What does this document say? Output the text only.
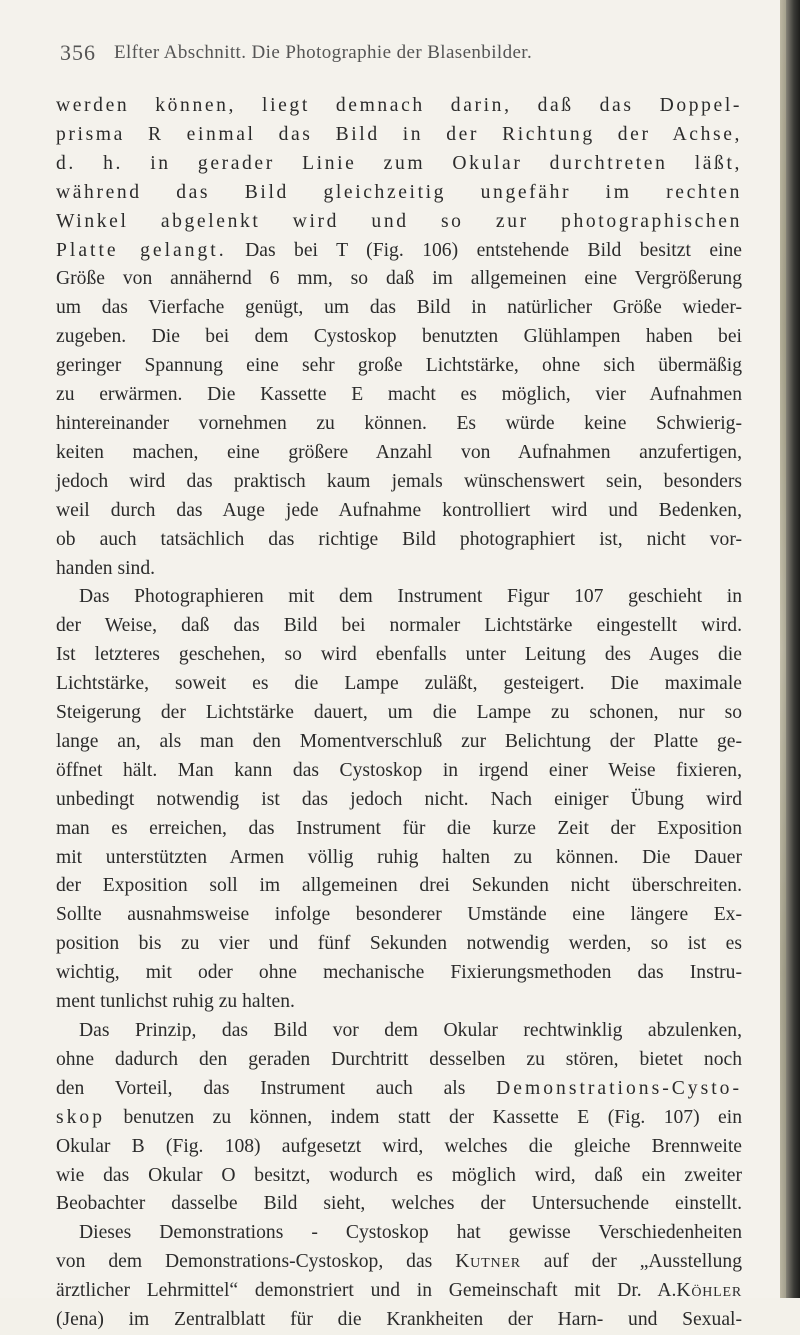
356 Elfter Abschnitt. Die Photographie der Blasenbilder.
werden können, liegt demnach darin, daß das Doppel-
prisma R einmal das Bild in der Richtung der Achse,
d. h. in gerader Linie zum Okular durchtreten läßt,
während das Bild gleichzeitig ungefähr im rechten
Winkel abgelenkt wird und so zur photographischen
Platte gelangt. Das bei T (Fig. 106) entstehende Bild besitzt eine
Größe von annähernd 6 mm, so daß im allgemeinen eine Vergrößerung
um das Vierfache genügt, um das Bild in natürlicher Größe wieder-
zugeben. Die bei dem Cystoskop benutzten Glühlampen haben bei
geringer Spannung eine sehr große Lichtstärke, ohne sich übermäßig
zu erwärmen. Die Kassette E macht es möglich, vier Aufnahmen
hintereinander vornehmen zu können. Es würde keine Schwierig-
keiten machen, eine größere Anzahl von Aufnahmen anzufertigen,
jedoch wird das praktisch kaum jemals wünschenswert sein, besonders
weil durch das Auge jede Aufnahme kontrolliert wird und Bedenken,
ob auch tatsächlich das richtige Bild photographiert ist, nicht vor-
handen sind.
Das Photographieren mit dem Instrument Figur 107 geschieht in
der Weise, daß das Bild bei normaler Lichtstärke eingestellt wird.
Ist letzteres geschehen, so wird ebenfalls unter Leitung des Auges die
Lichtstärke, soweit es die Lampe zuläßt, gesteigert. Die maximale
Steigerung der Lichtstärke dauert, um die Lampe zu schonen, nur so
lange an, als man den Momentverschluß zur Belichtung der Platte ge-
öffnet hält. Man kann das Cystoskop in irgend einer Weise fixieren,
unbedingt notwendig ist das jedoch nicht. Nach einiger Übung wird
man es erreichen, das Instrument für die kurze Zeit der Exposition
mit unterstützten Armen völlig ruhig halten zu können. Die Dauer
der Exposition soll im allgemeinen drei Sekunden nicht überschreiten.
Sollte ausnahmsweise infolge besonderer Umstände eine längere Ex-
position bis zu vier und fünf Sekunden notwendig werden, so ist es
wichtig, mit oder ohne mechanische Fixierungsmethoden das Instru-
ment tunlichst ruhig zu halten.
Das Prinzip, das Bild vor dem Okular rechtwinklig abzulenken,
ohne dadurch den geraden Durchtritt desselben zu stören, bietet noch
den Vorteil, das Instrument auch als Demonstrations-Cysto-
skop benutzen zu können, indem statt der Kassette E (Fig. 107) ein
Okular B (Fig. 108) aufgesetzt wird, welches die gleiche Brennweite
wie das Okular O besitzt, wodurch es möglich wird, daß ein zweiter
Beobachter dasselbe Bild sieht, welches der Untersuchende einstellt.
Dieses Demonstrations - Cystoskop hat gewisse Verschiedenheiten
von dem Demonstrations-Cystoskop, das Kutner auf der „Ausstellung
ärztlicher Lehrmittel“ demonstriert und in Gemeinschaft mit Dr. A.Köhler
(Jena) im Zentralblatt für die Krankheiten der Harn- und Sexual-
